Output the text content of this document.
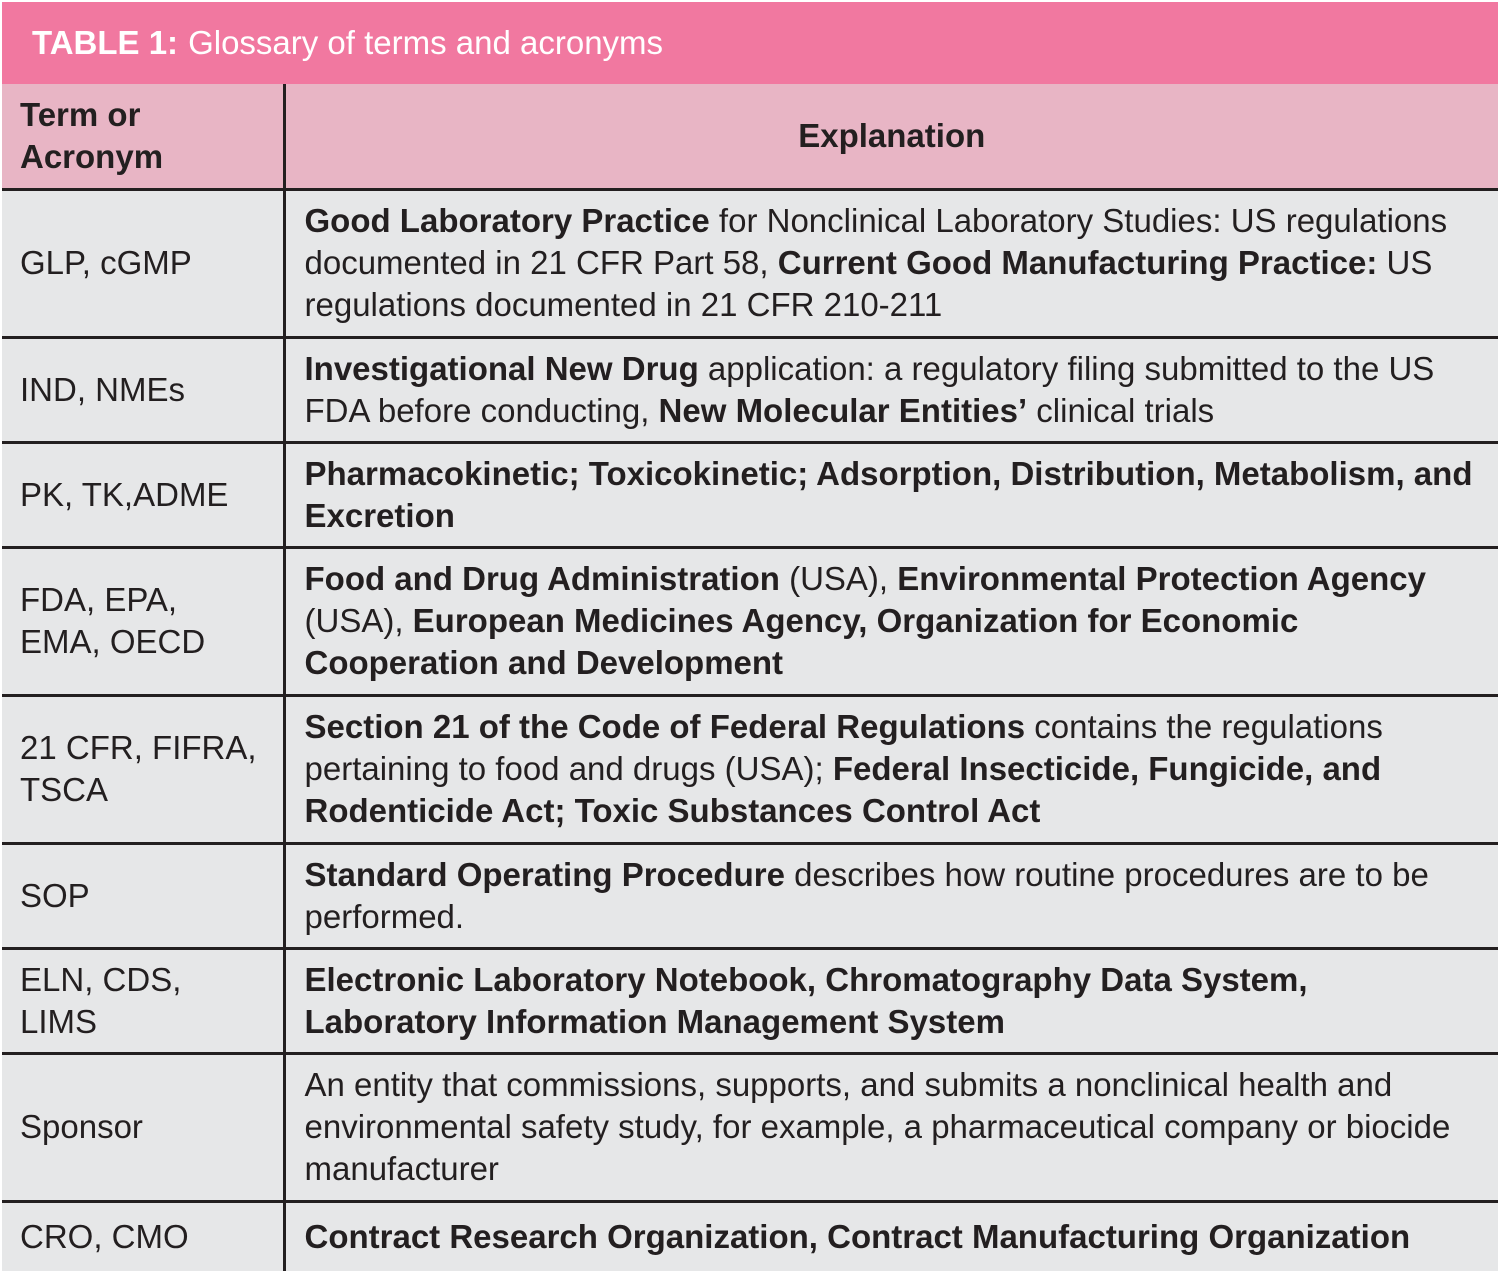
TABLE 1: Glossary of terms and acronyms
Term or Acronym	Explanation
GLP, cGMP	Good Laboratory Practice for Nonclinical Laboratory Studies: US regulations documented in 21 CFR Part 58, Current Good Manufacturing Practice: US regulations documented in 21 CFR 210-211
IND, NMEs	Investigational New Drug application: a regulatory filing submitted to the US FDA before conducting, New Molecular Entities’ clinical trials
PK, TK,ADME	Pharmacokinetic; Toxicokinetic; Adsorption, Distribution, Metabolism, and Excretion
FDA, EPA, EMA, OECD	Food and Drug Administration (USA), Environmental Protection Agency (USA), European Medicines Agency, Organization for Economic Cooperation and Development
21 CFR, FIFRA, TSCA	Section 21 of the Code of Federal Regulations contains the regulations pertaining to food and drugs (USA); Federal Insecticide, Fungicide, and Rodenticide Act; Toxic Substances Control Act
SOP	Standard Operating Procedure describes how routine procedures are to be performed.
ELN, CDS, LIMS	Electronic Laboratory Notebook, Chromatography Data System, Laboratory Information Management System
Sponsor	An entity that commissions, supports, and submits a nonclinical health and environmental safety study, for example, a pharmaceutical company or biocide manufacturer
CRO, CMO	Contract Research Organization, Contract Manufacturing Organization
